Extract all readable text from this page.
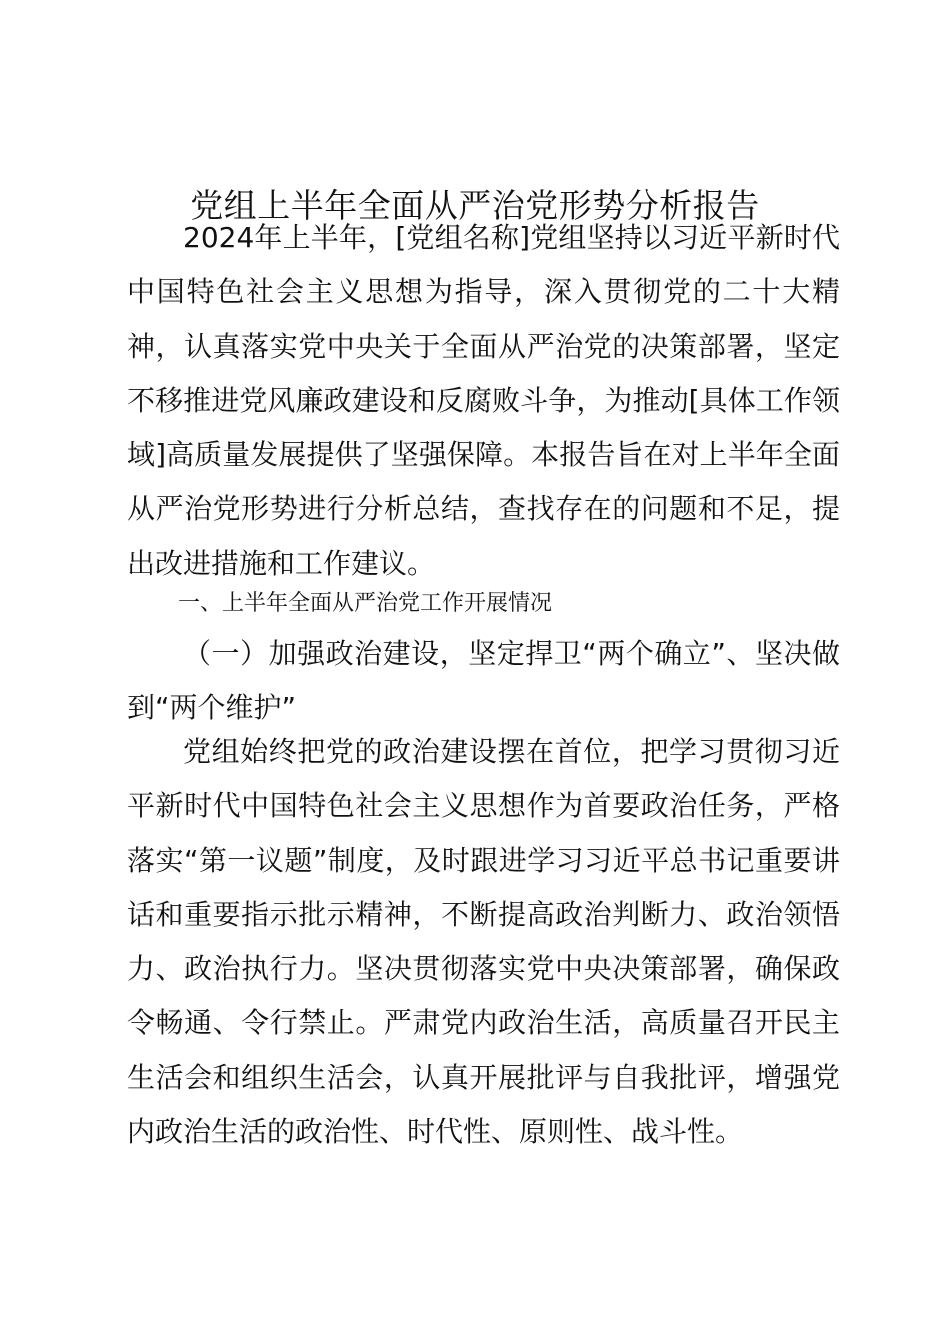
党组上半年全面从严治党形势分析报告

2024年上半年，[党组名称]党组坚持以习近平新时代中国特色社会主义思想为指导，深入贯彻党的二十大精神，认真落实党中央关于全面从严治党的决策部署，坚定不移推进党风廉政建设和反腐败斗争，为推动[具体工作领域]高质量发展提供了坚强保障。本报告旨在对上半年全面从严治党形势进行分析总结，查找存在的问题和不足，提出改进措施和工作建议。

一、上半年全面从严治党工作开展情况

（一）加强政治建设，坚定捍卫“两个确立”、坚决做到“两个维护”

党组始终把党的政治建设摆在首位，把学习贯彻习近平新时代中国特色社会主义思想作为首要政治任务，严格落实“第一议题”制度，及时跟进学习习近平总书记重要讲话和重要指示批示精神，不断提高政治判断力、政治领悟力、政治执行力。坚决贯彻落实党中央决策部署，确保政令畅通、令行禁止。严肃党内政治生活，高质量召开民主生活会和组织生活会，认真开展批评与自我批评，增强党内政治生活的政治性、时代性、原则性、战斗性。
